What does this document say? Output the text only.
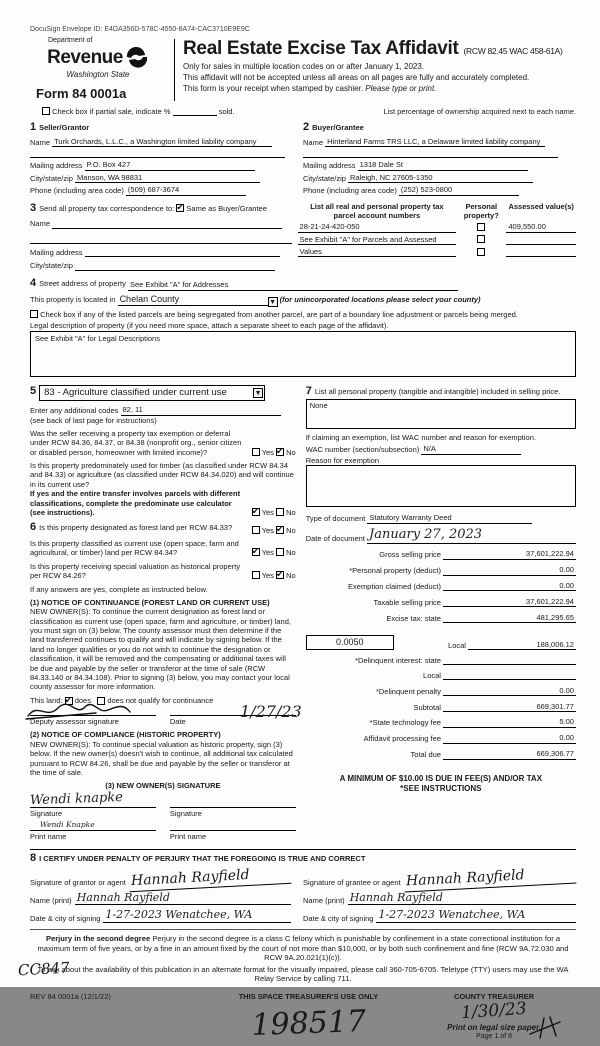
DocuSign Envelope ID: E4DA356D-578C-4550-8A74-CAC3710E9E9C
Department of
Revenue
Washington State
Form 84 0001a
Real Estate Excise Tax Affidavit (RCW 82.45 WAC 458-61A)
Only for sales in multiple location codes on or after January 1, 2023.
This affidavit will not be accepted unless all areas on all pages are fully and accurately completed.
This form is your receipt when stamped by cashier. Please type or print.
Check box if partial sale, indicate %	sold.	List percentage of ownership acquired next to each name.
1 Seller/Grantor
Name Turk Orchards, L.L.C., a Washington limited liability company
Mailing address P.O. Box 427
City/state/zip Manson, WA 98831
Phone (including area code) (509) 687-3674
2 Buyer/Grantee
Name Hinterland Farms TRS LLC, a Delaware limited liability company
Mailing address 1318 Dale St
City/state/zip Raleigh, NC 27605-1350
Phone (including area code) (252) 523-0800
3 Send all property tax correspondence to: ✔ Same as Buyer/Grantee
Name
Mailing address
City/state/zip
List all real and personal property tax parcel account numbers	Personal property?	Assessed value(s)
28-21-24-420-050		409,550.00
See Exhibit "A" for Parcels and Assessed		
Values		
4 Street address of property See Exhibit "A" for Addresses
This property is located in Chelan County	▼ (for unincorporated locations please select your county)
Check box if any of the listed parcels are being segregated from another parcel, are part of a boundary line adjustment or parcels being merged.
Legal description of property (if you need more space, attach a separate sheet to each page of the affidavit).
See Exhibit "A" for Legal Descriptions
5 83 - Agriculture classified under current use	▼
Enter any additional codes 82, 11
(see back of last page for instructions)
Was the seller receiving a property tax exemption or deferral under RCW 84.36, 84.37, or 84.38 (nonprofit org., senior citizen or disabled person, homeowner with limited income)?	Yes ✔ No
Is this property predominately used for timber (as classified under RCW 84.34 and 84.33) or agriculture (as classified under RCW 84.34.020) and will continue in its current use?
If yes and the entire transfer involves parcels with different classifications, complete the predominate use calculator (see instructions). ✔	Yes No
6 Is this property designated as forest land per RCW 84.33?	Yes ✔ No
Is this property classified as current use (open space, farm and agricultural, or timber) land per RCW 84.34? ✔	Yes No
Is this property receiving special valuation as historical property per RCW 84.26?	Yes ✔ No
If any answers are yes, complete as instructed below.
(1) NOTICE OF CONTINUANCE (FOREST LAND OR CURRENT USE)
NEW OWNER(S): To continue the current designation as forest land or classification as current use (open space, farm and agriculture, or timber) land, you must sign on (3) below. The county assessor must then determine if the land transferred continues to qualify and will indicate by signing below. If the land no longer qualifies or you do not wish to continue the designation or classification, it will be removed and the compensating or additional taxes will be due and payable by the seller or transferor at the time of sale (RCW 84.33.140 or 84.34.108). Prior to signing (3) below, you may contact your local county assessor for more information.
This land:
✔
does

does not qualify for continuance
Deputy assessor signature
1/27/23
Date
(2) NOTICE OF COMPLIANCE (HISTORIC PROPERTY)
NEW OWNER(S): To continue special valuation as historic property, sign (3) below. If the new owner(s) doesn't wish to continue, all additional tax calculated pursuant to RCW 84.26, shall be due and payable by the seller or transferor at the time of sale.
(3) NEW OWNER(S) SIGNATURE
Wendi knapke
Signature
Wendi Knapke
Print name
Signature
Print name
7 List all personal property (tangible and intangible) included in selling price.
None
If claiming an exemption, list WAC number and reason for exemption.
WAC number (section/subsection) N/A
Reason for exemption
Type of document Statutory Warranty Deed
Date of document
January 27, 2023
Gross selling price	37,601,222.94
*Personal property (deduct)	0.00
Exemption claimed (deduct)	0.00
Taxable selling price	37,601,222.94
Excise tax: state	481,295.65
0.0050	Local	188,006.12
*Delinquent interest: state
Local
*Delinquent penalty	0.00
Subtotal	669,301.77
*State technology fee	5.00
Affidavit processing fee	0.00
Total due	669,306.77
A MINIMUM OF $10.00 IS DUE IN FEE(S) AND/OR TAX
*SEE INSTRUCTIONS
8 I CERTIFY UNDER PENALTY OF PERJURY THAT THE FOREGOING IS TRUE AND CORRECT
Signature of grantor or agent Hannah Rayfield
Name (print) Hannah Rayfield
Date & city of signing 1-27-2023 Wenatchee, WA
Signature of grantee or agent Hannah Rayfield
Name (print) Hannah Rayfield
Date & city of signing 1-27-2023 Wenatchee, WA

Perjury in the second degree Perjury in the second degree is a class C felony which is punishable by confinement in a state correctional institution for a maximum term of five years, or by a fine in an amount fixed by the court of not more than $10,000, or by both such confinement and fine (RCW 9A.72.030 and RCW 9A.20.021(1)(c)).

To ask about the availability of this publication in an alternate format for the visually impaired, please call 360-705-6705. Teletype (TTY) users may use the WA Relay Service by calling 711.

REV 84 0001a (12/1/22)	THIS SPACE TREASURER'S USE ONLY
198517
COUNTY TREASURER
1/30/23
Print on legal size paper.
Page 1 of 8
CC847
